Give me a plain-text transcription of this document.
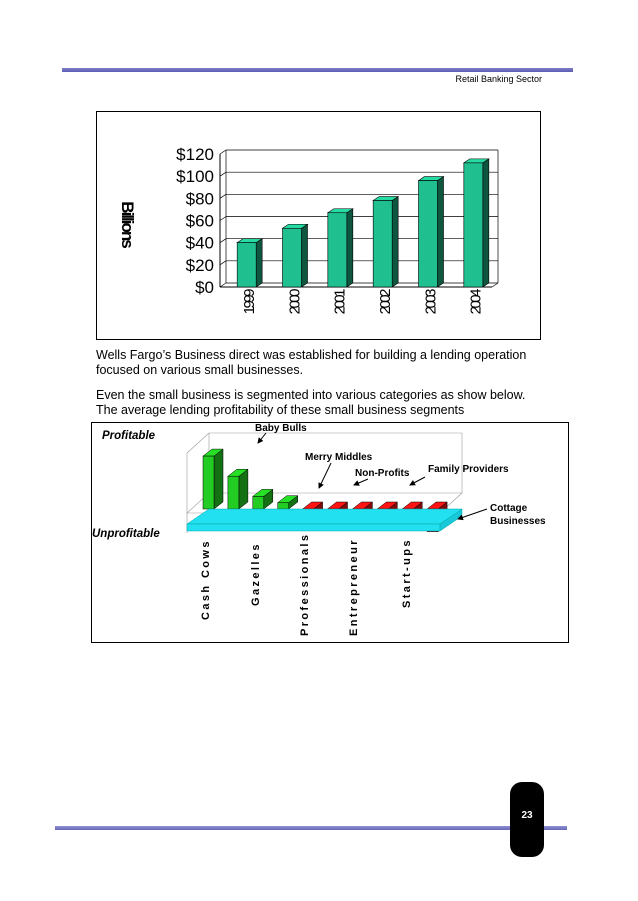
Retail Banking Sector
$0
$20
$40
$60
$80
$100
$120
1999 2000 2001 2002 2003 2004
Billions
Wells Fargo’s Business direct was established for building a lending operation
focused on various small businesses.
Even the small business is segmented into various categories as show below.
The average lending profitability of these small business segments
Cash Cows	Gazelles	Professionals	Entrepreneur	Start-ups
Profitable
Unprofitable
Baby Bulls
Merry Middles
Non-Profits Family Providers
Cottage
Businesses
23
